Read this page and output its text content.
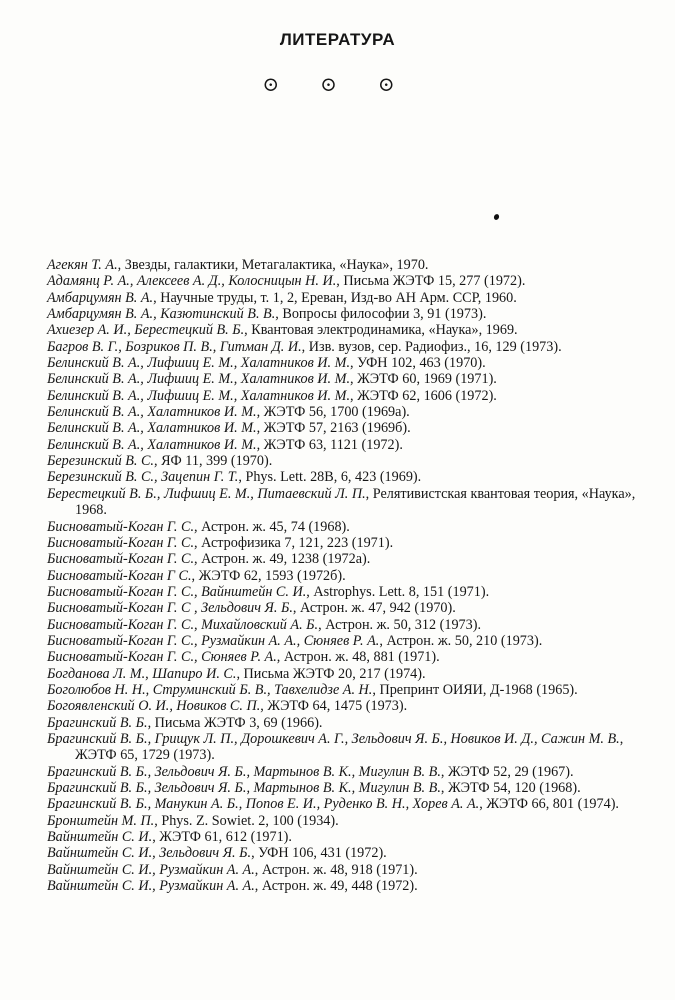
ЛИТЕРАТУРА
⊙ ⊙ ⊙
Агекян Т. А., Звезды, галактики, Метагалактика, «Наука», 1970.
Адамянц Р. А., Алексеев А. Д., Колосницын Н. И., Письма ЖЭТФ 15, 277 (1972).
Амбарцумян В. А., Научные труды, т. 1, 2, Ереван, Изд-во АН Арм. ССР, 1960.
Амбарцумян В. А., Казютинский В. В., Вопросы философии 3, 91 (1973).
Ахиезер А. И., Берестецкий В. Б., Квантовая электродинамика, «Наука», 1969.
Багров В. Г., Бозриков П. В., Гитман Д. И., Изв. вузов, сер. Радиофиз., 16, 129 (1973).
Белинский В. А., Лифшиц Е. М., Халатников И. М., УФН 102, 463 (1970).
Белинский В. А., Лифшиц Е. М., Халатников И. М., ЖЭТФ 60, 1969 (1971).
Белинский В. А., Лифшиц Е. М., Халатников И. М., ЖЭТФ 62, 1606 (1972).
Белинский В. А., Халатников И. М., ЖЭТФ 56, 1700 (1969а).
Белинский В. А., Халатников И. М., ЖЭТФ 57, 2163 (1969б).
Белинский В. А., Халатников И. М., ЖЭТФ 63, 1121 (1972).
Березинский В. С., ЯФ 11, 399 (1970).
Березинский В. С., Зацепин Г. Т., Phys. Lett. 28B, 6, 423 (1969).
Берестецкий В. Б., Лифшиц Е. М., Питаевский Л. П., Релятивистская квантовая теория, «Наука», 1968.
Бисноватый-Коган Г. С., Астрон. ж. 45, 74 (1968).
Бисноватый-Коган Г. С., Астрофизика 7, 121, 223 (1971).
Бисноватый-Коган Г. С., Астрон. ж. 49, 1238 (1972а).
Бисноватый-Коган Г С., ЖЭТФ 62, 1593 (1972б).
Бисноватый-Коган Г. С., Вайнштейн С. И., Astrophys. Lett. 8, 151 (1971).
Бисноватый-Коган Г. С , Зельдович Я. Б., Астрон. ж. 47, 942 (1970).
Бисноватый-Коган Г. С., Михайловский А. Б., Астрон. ж. 50, 312 (1973).
Бисноватый-Коган Г. С., Рузмайкин А. А., Сюняев Р. А., Астрон. ж. 50, 210 (1973).
Бисноватый-Коган Г. С., Сюняев Р. А., Астрон. ж. 48, 881 (1971).
Богданова Л. М., Шапиро И. С., Письма ЖЭТФ 20, 217 (1974).
Боголюбов Н. Н., Струминский Б. В., Тавхелидзе А. Н., Препринт ОИЯИ, Д-1968 (1965).
Богоявленский О. И., Новиков С. П., ЖЭТФ 64, 1475 (1973).
Брагинский В. Б., Письма ЖЭТФ 3, 69 (1966).
Брагинский В. Б., Грищук Л. П., Дорошкевич А. Г., Зельдович Я. Б., Новиков И. Д., Сажин М. В., ЖЭТФ 65, 1729 (1973).
Брагинский В. Б., Зельдович Я. Б., Мартынов В. К., Мигулин В. В., ЖЭТФ 52, 29 (1967).
Брагинский В. Б., Зельдович Я. Б., Мартынов В. К., Мигулин В. В., ЖЭТФ 54, 120 (1968).
Брагинский В. Б., Манукин А. Б., Попов Е. И., Руденко В. Н., Хорев А. А., ЖЭТФ 66, 801 (1974).
Бронштейн М. П., Phys. Z. Sowiet. 2, 100 (1934).
Вайнштейн С. И., ЖЭТФ 61, 612 (1971).
Вайнштейн С. И., Зельдович Я. Б., УФН 106, 431 (1972).
Вайнштейн С. И., Рузмайкин А. А., Астрон. ж. 48, 918 (1971).
Вайнштейн С. И., Рузмайкин А. А., Астрон. ж. 49, 448 (1972).
